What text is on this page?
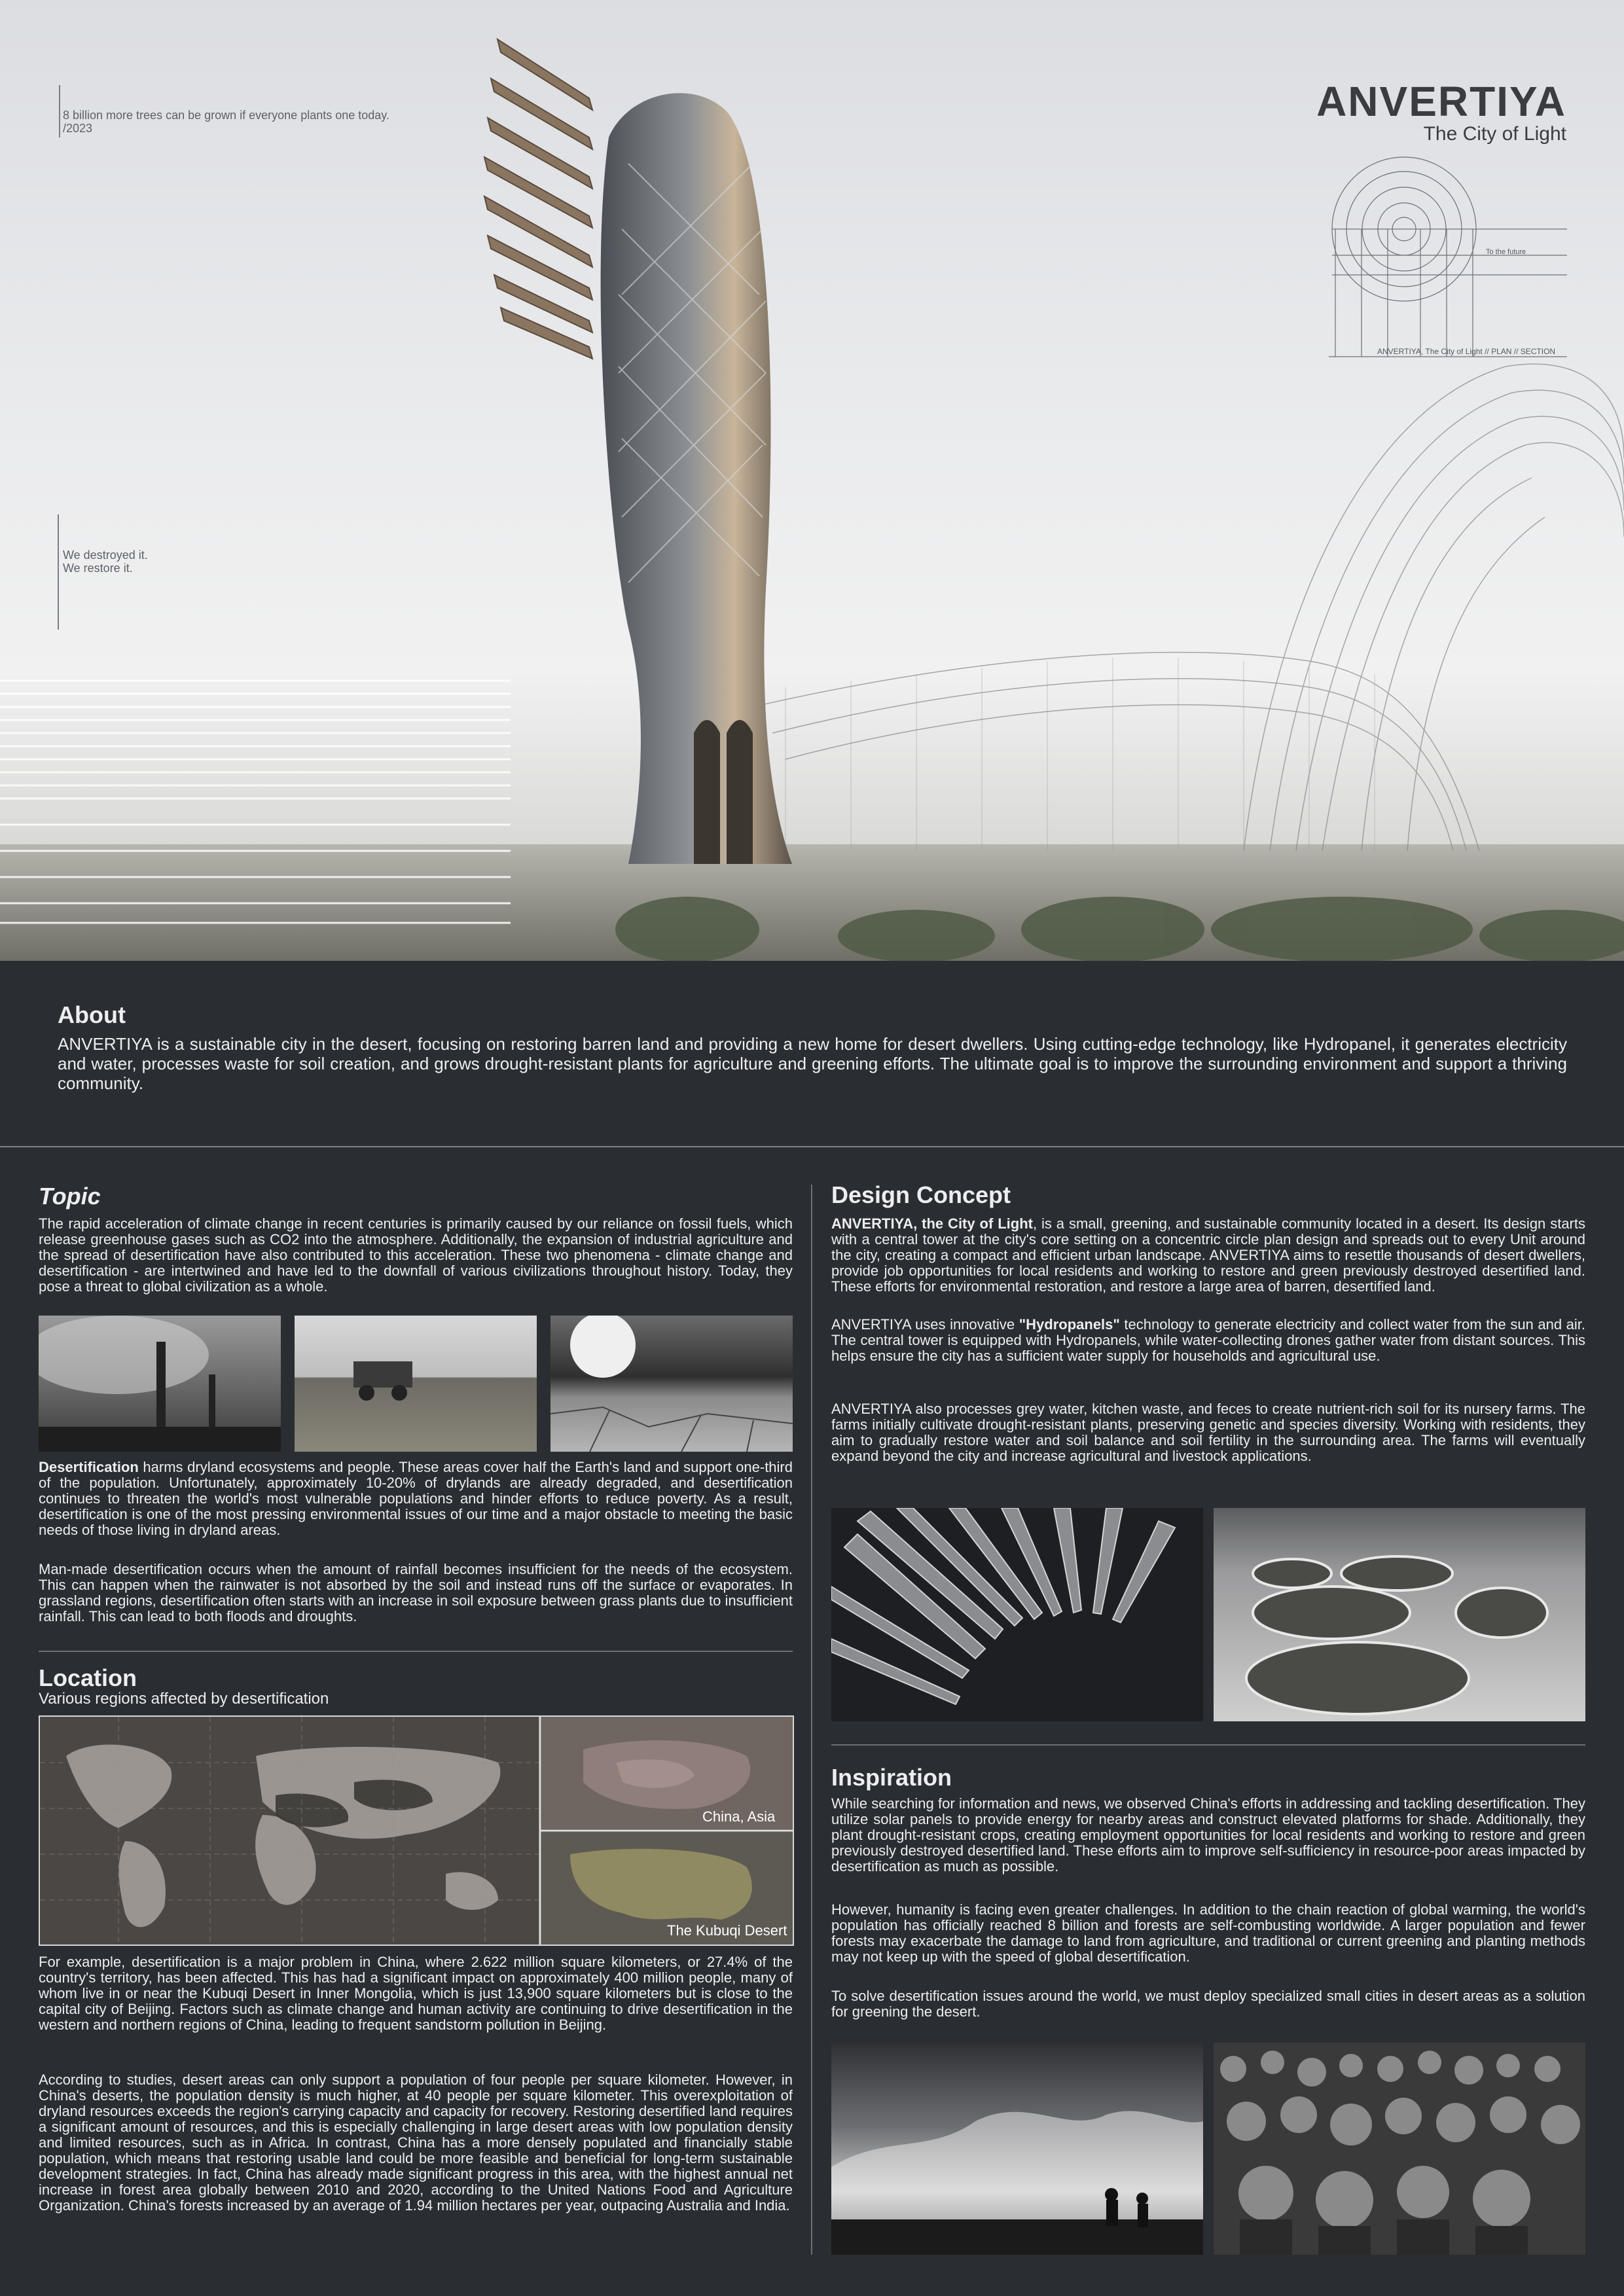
8 billion more trees can be grown if everyone plants one today.
/2023
We destroyed it.
We restore it.
ANVERTIYA
The City of Light
To the future
ANVERTIYA, The City of Light // PLAN // SECTION
About

ANVERTIYA is a sustainable city in the desert, focusing on restoring barren land and providing a new home for desert dwellers. Using cutting-edge technology, like Hydropanel, it generates electricity and water, processes waste for soil creation, and grows drought-resistant plants for agriculture and greening efforts. The ultimate goal is to improve the surrounding environment and support a thriving community.

Topic

The rapid acceleration of climate change in recent centuries is primarily caused by our reliance on fossil fuels, which release greenhouse gases such as CO2 into the atmosphere. Additionally, the expansion of industrial agriculture and the spread of desertification have also contributed to this acceleration. These two phenomena - climate change and desertification - are intertwined and have led to the downfall of various civilizations throughout history. Today, they pose a threat to global civilization as a whole.

Desertification harms dryland ecosystems and people. These areas cover half the Earth's land and support one-third of the population. Unfortunately, approximately 10-20% of drylands are already degraded, and desertification continues to threaten the world's most vulnerable populations and hinder efforts to reduce poverty. As a result, desertification is one of the most pressing environmental issues of our time and a major obstacle to meeting the basic needs of those living in dryland areas.

Man-made desertification occurs when the amount of rainfall becomes insufficient for the needs of the ecosystem. This can happen when the rainwater is not absorbed by the soil and instead runs off the surface or evaporates. In grassland regions, desertification often starts with an increase in soil exposure between grass plants due to insufficient rainfall. This can lead to both floods and droughts.

Location
Various regions affected by desertification
China, Asia
The Kubuqi Desert

For example, desertification is a major problem in China, where 2.622 million square kilometers, or 27.4% of the country's territory, has been affected. This has had a significant impact on approximately 400 million people, many of whom live in or near the Kubuqi Desert in Inner Mongolia, which is just 13,900 square kilometers but is close to the capital city of Beijing. Factors such as climate change and human activity are continuing to drive desertification in the western and northern regions of China, leading to frequent sandstorm pollution in Beijing.

According to studies, desert areas can only support a population of four people per square kilometer. However, in China's deserts, the population density is much higher, at 40 people per square kilometer. This overexploitation of dryland resources exceeds the region's carrying capacity and capacity for recovery. Restoring desertified land requires a significant amount of resources, and this is especially challenging in large desert areas with low population density and limited resources, such as in Africa. In contrast, China has a more densely populated and financially stable population, which means that restoring usable land could be more feasible and beneficial for long-term sustainable development strategies. In fact, China has already made significant progress in this area, with the highest annual net increase in forest area globally between 2010 and 2020, according to the United Nations Food and Agriculture Organization. China's forests increased by an average of 1.94 million hectares per year, outpacing Australia and India.

Design Concept

ANVERTIYA, the City of Light, is a small, greening, and sustainable community located in a desert. Its design starts with a central tower at the city's core setting on a concentric circle plan design and spreads out to every Unit around the city, creating a compact and efficient urban landscape. ANVERTIYA aims to resettle thousands of desert dwellers, provide job opportunities for local residents and working to restore and green previously destroyed desertified land. These efforts for environmental restoration, and restore a large area of barren, desertified land.

ANVERTIYA uses innovative "Hydropanels" technology to generate electricity and collect water from the sun and air. The central tower is equipped with Hydropanels, while water-collecting drones gather water from distant sources. This helps ensure the city has a sufficient water supply for households and agricultural use.

ANVERTIYA also processes grey water, kitchen waste, and feces to create nutrient-rich soil for its nursery farms. The farms initially cultivate drought-resistant plants, preserving genetic and species diversity. Working with residents, they aim to gradually restore water and soil balance and soil fertility in the surrounding area. The farms will eventually expand beyond the city and increase agricultural and livestock applications.

Inspiration

While searching for information and news, we observed China's efforts in addressing and tackling desertification. They utilize solar panels to provide energy for nearby areas and construct elevated platforms for shade. Additionally, they plant drought-resistant crops, creating employment opportunities for local residents and working to restore and green previously destroyed desertified land. These efforts aim to improve self-sufficiency in resource-poor areas impacted by desertification as much as possible.

However, humanity is facing even greater challenges. In addition to the chain reaction of global warming, the world's population has officially reached 8 billion and forests are self-combusting worldwide. A larger population and fewer forests may exacerbate the damage to land from agriculture, and traditional or current greening and planting methods may not keep up with the speed of global desertification.

To solve desertification issues around the world, we must deploy specialized small cities in desert areas as a solution for greening the desert.
